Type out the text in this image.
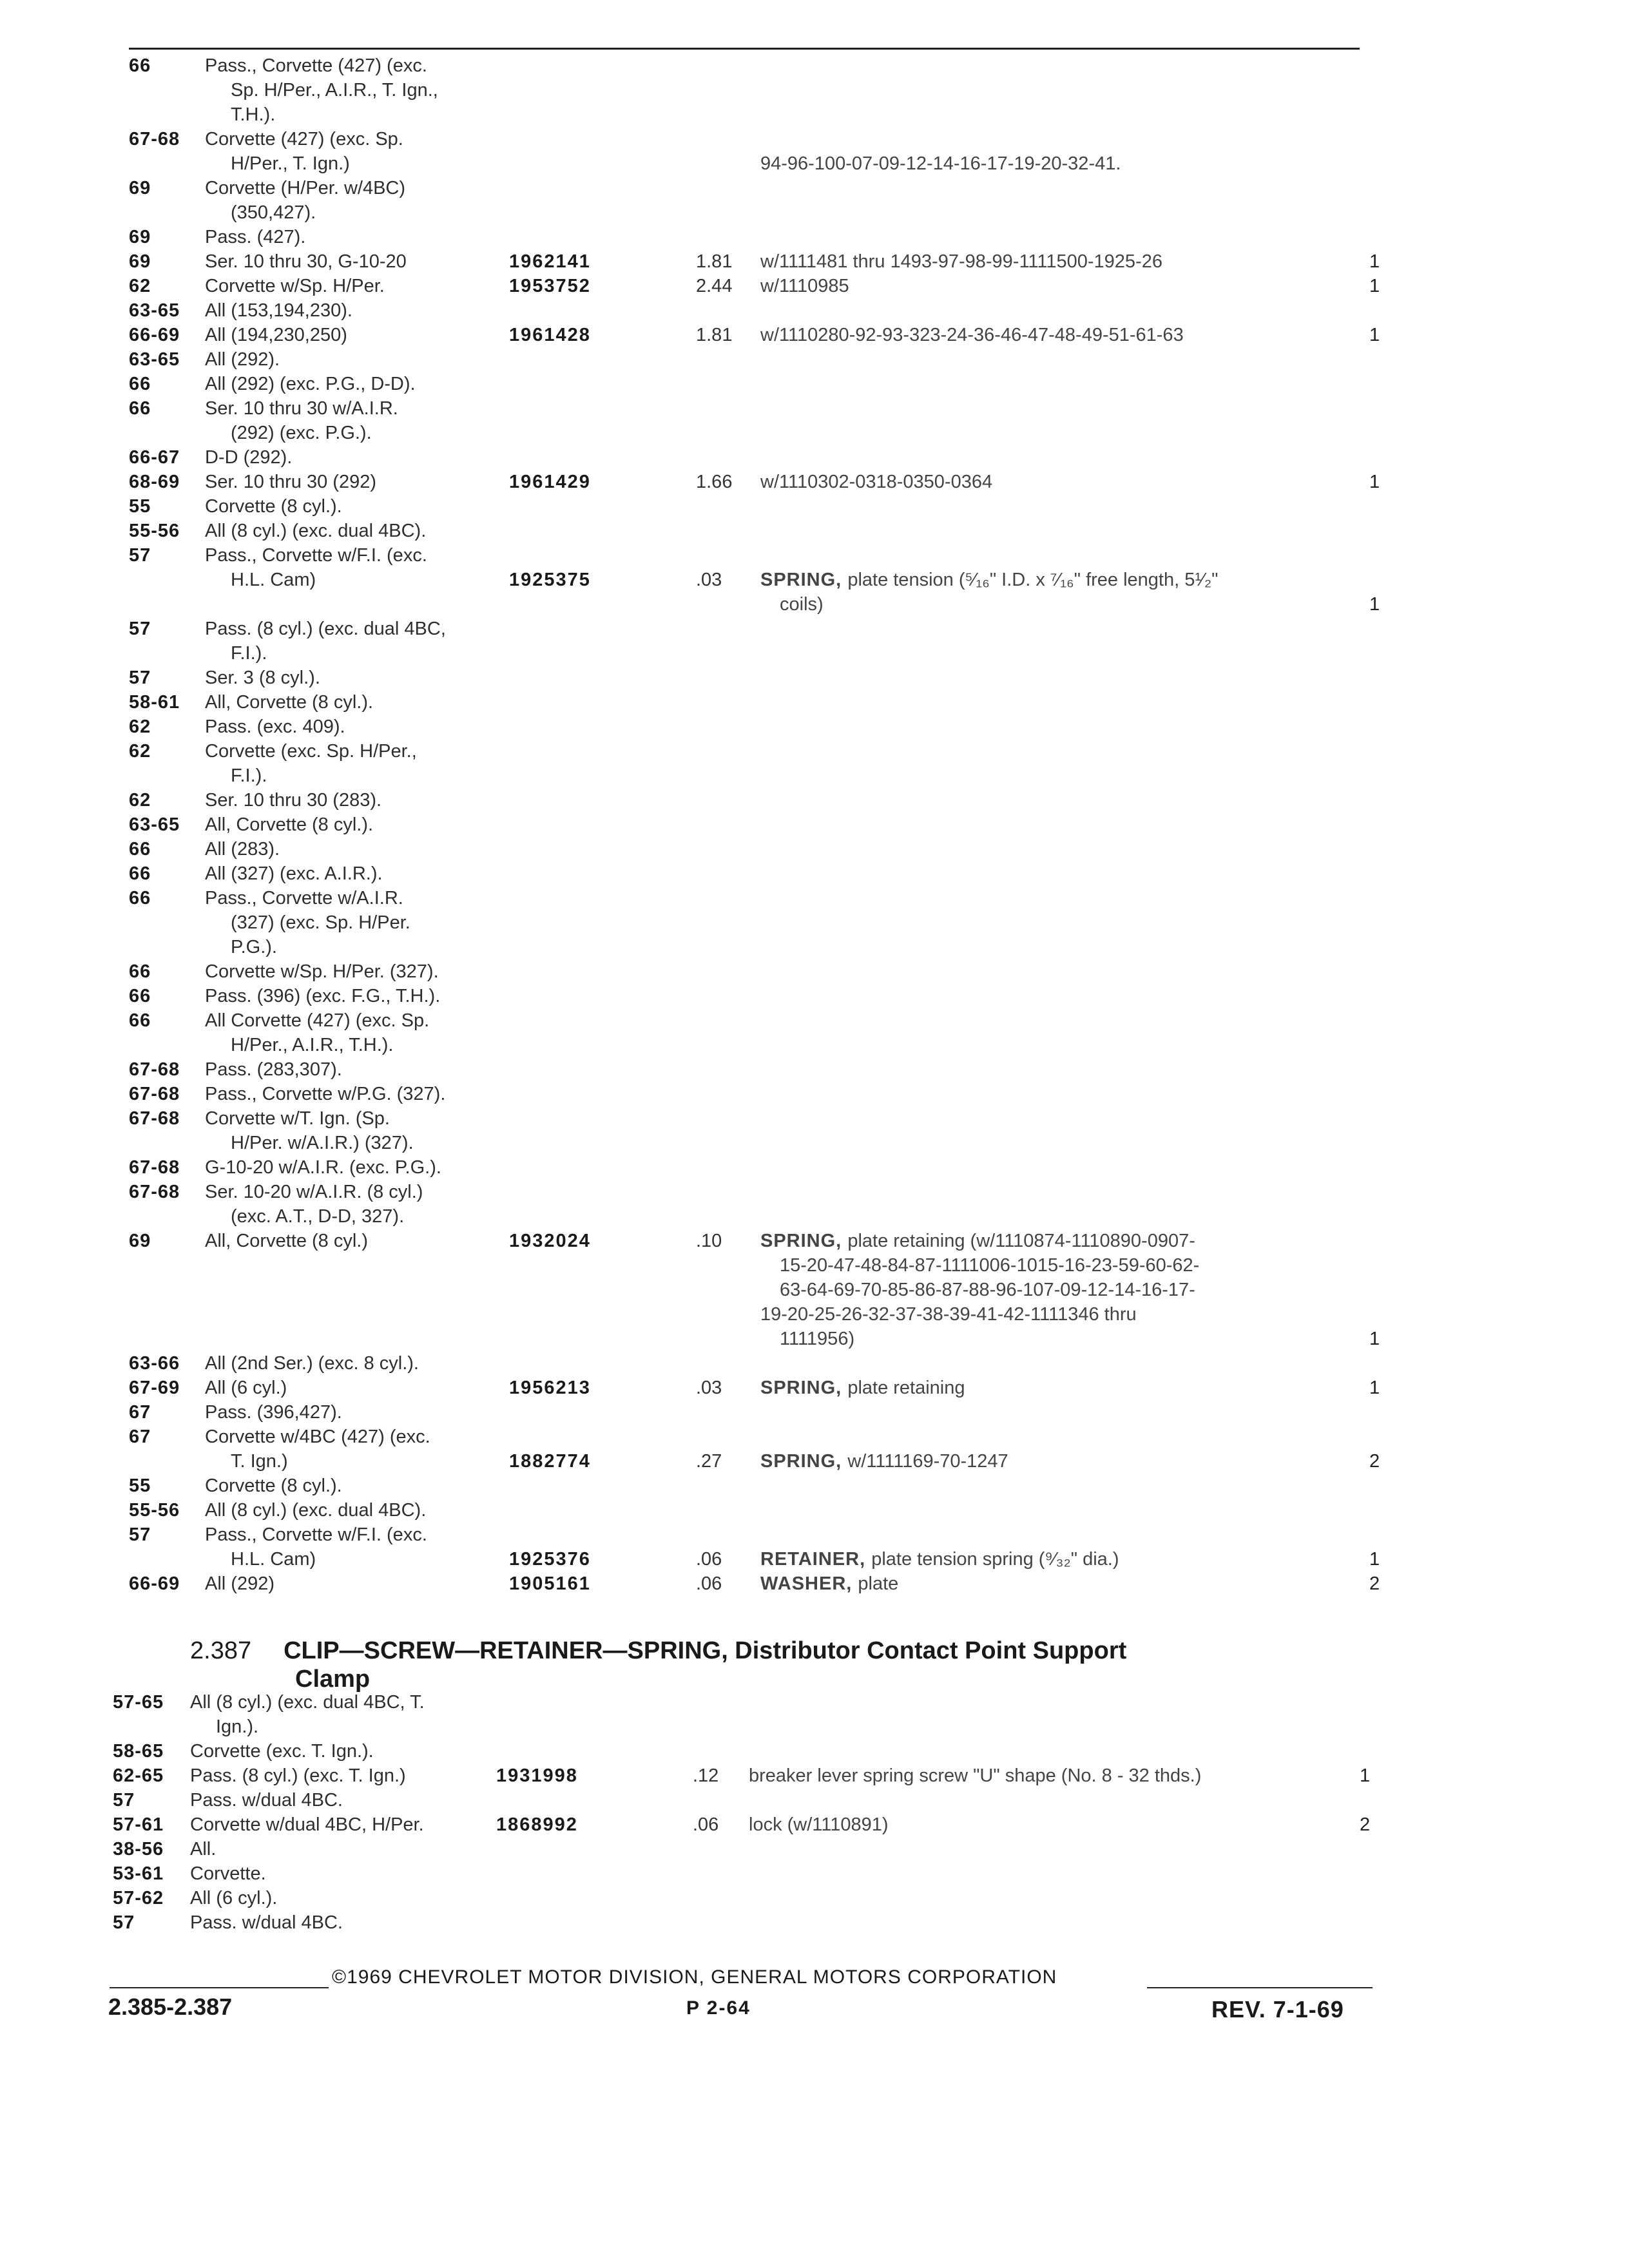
66	Pass., Corvette (427) (exc.
Sp. H/Per., A.I.R., T. Ign.,
T.H.).
67-68 Corvette (427) (exc. Sp.
H/Per., T. Ign.)	94-96-100-07-09-12-14-16-17-19-20-32-41.
69	Corvette (H/Per. w/4BC)
(350,427).
69	Pass. (427).
69	Ser. 10 thru 30, G-10-20	1962141	1.81 w/1111481 thru 1493-97-98-99-1111500-1925-26	1
62	Corvette w/Sp. H/Per.	1953752	2.44 w/1110985	1
63-65 All (153,194,230).
66-69 All (194,230,250)	1961428	1.81 w/1110280-92-93-323-24-36-46-47-48-49-51-61-63	1
63-65 All (292).
66	All (292) (exc. P.G., D-D).
66	Ser. 10 thru 30 w/A.I.R.
(292) (exc. P.G.).
66-67 D-D (292).
68-69 Ser. 10 thru 30 (292)	1961429	1.66 w/1110302-0318-0350-0364	1
55	Corvette (8 cyl.).
55-56 All (8 cyl.) (exc. dual 4BC).
57	Pass., Corvette w/F.I. (exc.
H.L. Cam)	1925375	.03 SPRING, plate tension (⁵⁄₁₆" I.D. x ⁷⁄₁₆" free length, 5¹⁄₂"
coils)	1
57	Pass. (8 cyl.) (exc. dual 4BC,
F.I.).
57	Ser. 3 (8 cyl.).
58-61 All, Corvette (8 cyl.).
62	Pass. (exc. 409).
62	Corvette (exc. Sp. H/Per.,
F.I.).
62	Ser. 10 thru 30 (283).
63-65 All, Corvette (8 cyl.).
66	All (283).
66	All (327) (exc. A.I.R.).
66	Pass., Corvette w/A.I.R.
(327) (exc. Sp. H/Per.
P.G.).
66	Corvette w/Sp. H/Per. (327).
66	Pass. (396) (exc. F.G., T.H.).
66	All Corvette (427) (exc. Sp.
H/Per., A.I.R., T.H.).
67-68 Pass. (283,307).
67-68 Pass., Corvette w/P.G. (327).
67-68 Corvette w/T. Ign. (Sp.
H/Per. w/A.I.R.) (327).
67-68 G-10-20 w/A.I.R. (exc. P.G.).
67-68 Ser. 10-20 w/A.I.R. (8 cyl.)
(exc. A.T., D-D, 327).
69	All, Corvette (8 cyl.)	1932024	.10 SPRING, plate retaining (w/1110874-1110890-0907-
15-20-47-48-84-87-1111006-1015-16-23-59-60-62-
63-64-69-70-85-86-87-88-96-107-09-12-14-16-17-
19-20-25-26-32-37-38-39-41-42-1111346 thru
1111956)	1
63-66 All (2nd Ser.) (exc. 8 cyl.).
67-69 All (6 cyl.)	1956213	.03 SPRING, plate retaining	1
67	Pass. (396,427).
67	Corvette w/4BC (427) (exc.
T. Ign.)	1882774	.27 SPRING, w/1111169-70-1247	2
55	Corvette (8 cyl.).
55-56 All (8 cyl.) (exc. dual 4BC).
57	Pass., Corvette w/F.I. (exc.
H.L. Cam)	1925376	.06 RETAINER, plate tension spring (⁹⁄₃₂" dia.)	1
66-69 All (292)	1905161	.06 WASHER, plate	2
2.387 CLIP—SCREW—RETAINER—SPRING, Distributor Contact Point Support
Clamp
57-65 All (8 cyl.) (exc. dual 4BC, T.
Ign.).
58-65 Corvette (exc. T. Ign.).
62-65 Pass. (8 cyl.) (exc. T. Ign.)	1931998	.12 breaker lever spring screw "U" shape (No. 8 - 32 thds.)	1
57	Pass. w/dual 4BC.
57-61 Corvette w/dual 4BC, H/Per.	1868992	.06 lock (w/1110891)	2
38-56 All.
53-61 Corvette.
57-62 All (6 cyl.).
57	Pass. w/dual 4BC.
©1969 CHEVROLET MOTOR DIVISION, GENERAL MOTORS CORPORATION
2.385-2.387	P 2-64	REV. 7-1-69
